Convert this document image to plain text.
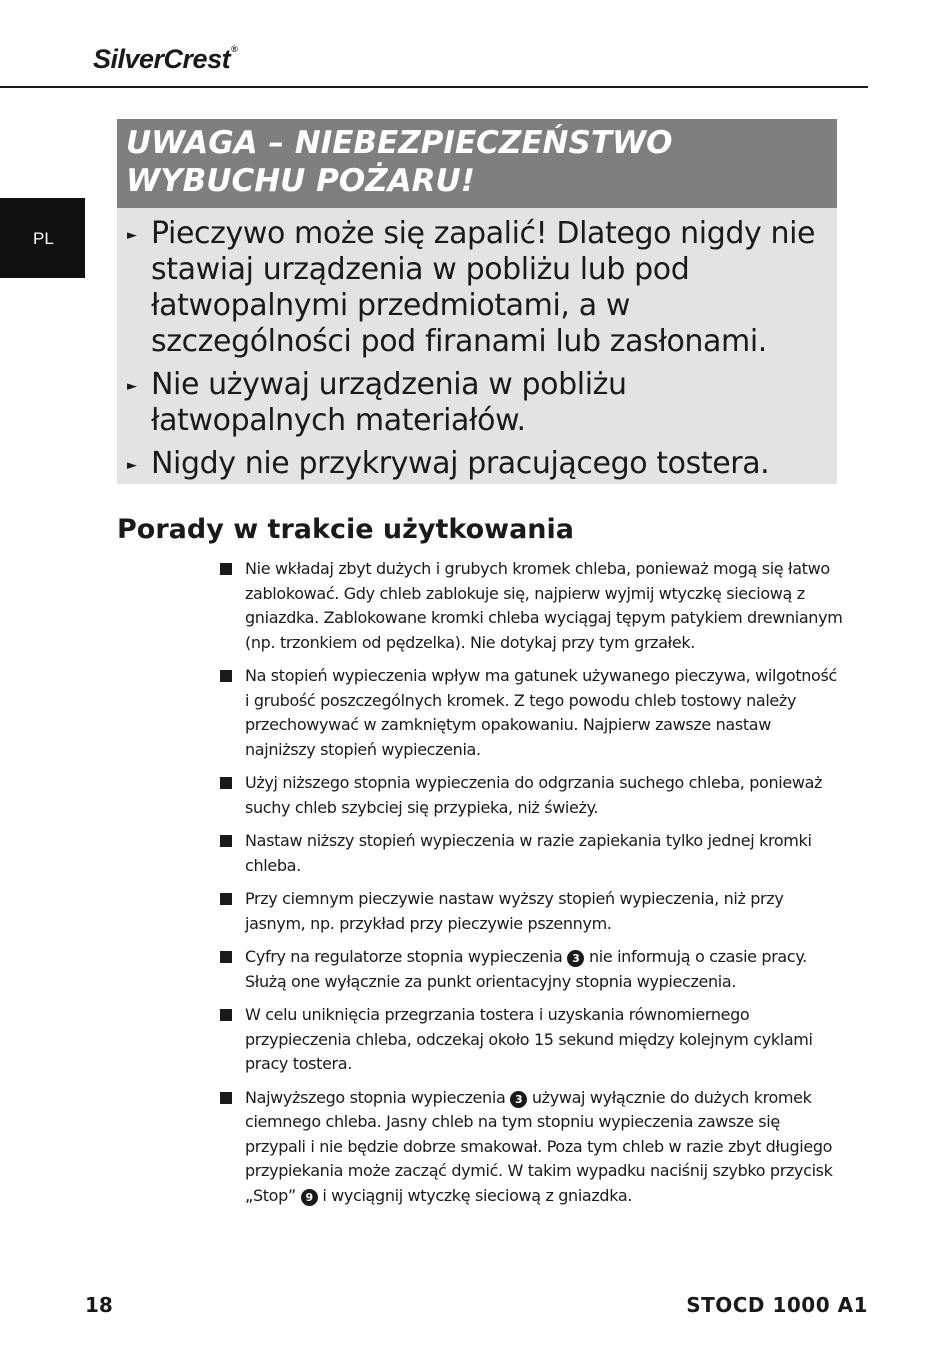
SilverCrest®
PL
UWAGA – NIEBEZPIECZEŃSTWO
WYBUCHU POŻARU!
► Pieczywo może się zapalić! Dlatego nigdy nie stawiaj urządzenia w pobliżu lub pod łatwopalnymi przedmiotami, a w szczególności pod firanami lub zasłonami.
► Nie używaj urządzenia w pobliżu łatwopalnych materiałów.
► Nigdy nie przykrywaj pracującego tostera.
Porady w trakcie użytkowania
Nie wkładaj zbyt dużych i grubych kromek chleba, ponieważ mogą się łatwo zablokować. Gdy chleb zablokuje się, najpierw wyjmij wtyczkę sieciową z gniazdka. Zablokowane kromki chleba wyciągaj tępym patykiem drewnianym (np. trzonkiem od pędzelka). Nie dotykaj przy tym grzałek.
Na stopień wypieczenia wpływ ma gatunek używanego pieczywa, wilgotność i grubość poszczególnych kromek. Z tego powodu chleb tostowy należy przechowywać w zamkniętym opakowaniu. Najpierw zawsze nastaw najniższy stopień wypieczenia.
Użyj niższego stopnia wypieczenia do odgrzania suchego chleba, ponieważ suchy chleb szybciej się przypieka, niż świeży.
Nastaw niższy stopień wypieczenia w razie zapiekania tylko jednej kromki chleba.
Przy ciemnym pieczywie nastaw wyższy stopień wypieczenia, niż przy jasnym, np. przykład przy pieczywie pszennym.
Cyfry na regulatorze stopnia wypieczenia 3 nie informują o czasie pracy. Służą one wyłącznie za punkt orientacyjny stopnia wypieczenia.
W celu uniknięcia przegrzania tostera i uzyskania równomiernego przypieczenia chleba, odczekaj około 15 sekund między kolejnym cyklami pracy tostera.
Najwyższego stopnia wypieczenia 3 używaj wyłącznie do dużych kromek ciemnego chleba. Jasny chleb na tym stopniu wypieczenia zawsze się przypali i nie będzie dobrze smakował. Poza tym chleb w razie zbyt długiego przypiekania może zacząć dymić. W takim wypadku naciśnij szybko przycisk „Stop” 9 i wyciągnij wtyczkę sieciową z gniazdka.
18	STOCD 1000 A1
